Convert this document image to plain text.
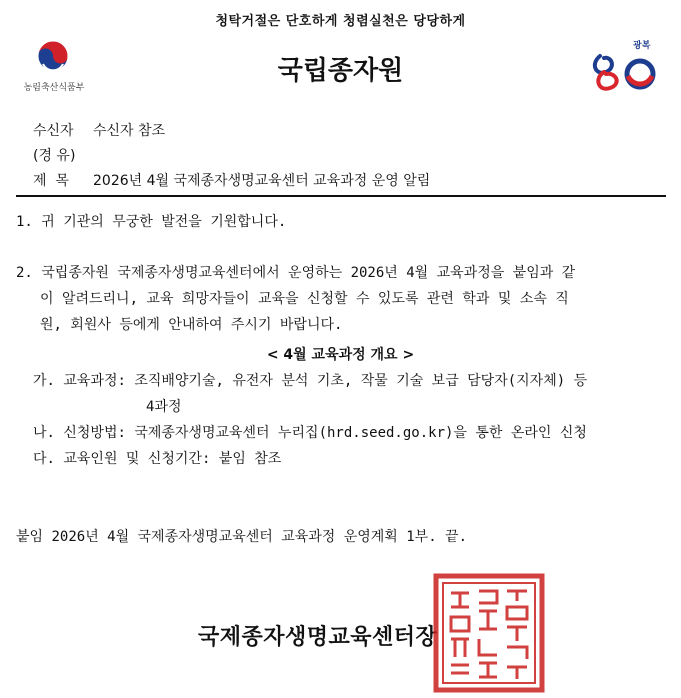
청탁거절은 단호하게 청렴실천은 당당하게
농림축산식품부
국립종자원
광복
수신자 수신자 참조
(경 유)
제  목 2026년 4월 국제종자생명교육센터 교육과정 운영 알림
1. 귀 기관의 무궁한 발전을 기원합니다.
2. 국립종자원 국제종자생명교육센터에서 운영하는 2026년 4월 교육과정을 붙임과 같
이 알려드리니, 교육 희망자들이 교육을 신청할 수 있도록 관련 학과 및 소속 직
원, 회원사 등에게 안내하여 주시기 바랍니다.
< 4월 교육과정 개요 >
가. 교육과정: 조직배양기술, 유전자 분석 기초, 작물 기술 보급 담당자(지자체) 등
4과정
나. 신청방법: 국제종자생명교육센터 누리집(hrd.seed.go.kr)을 통한 온라인 신청
다. 교육인원 및 신청기간: 붙임 참조
붙임 2026년 4월 국제종자생명교육센터 교육과정 운영계획 1부. 끝.
국제종자생명교육센터장
